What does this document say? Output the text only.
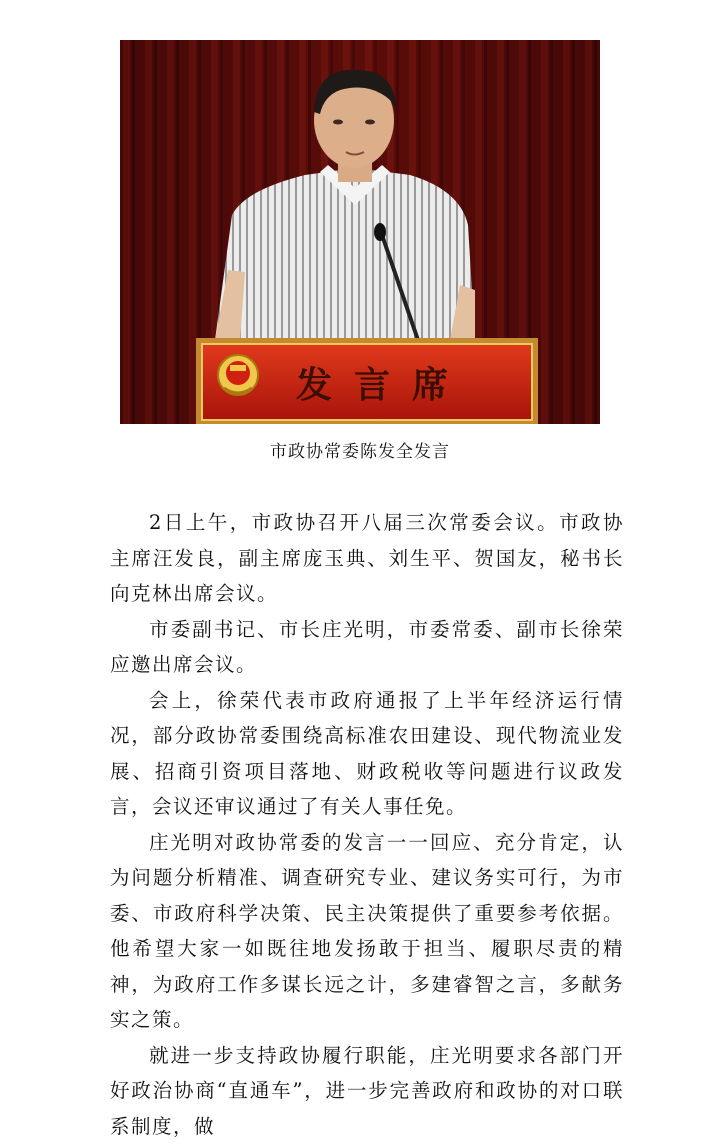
发言席
市政协常委陈发全发言

2日上午，市政协召开八届三次常委会议。市政协主席汪发良，副主席庞玉典、刘生平、贺国友，秘书长向克林出席会议。

市委副书记、市长庄光明，市委常委、副市长徐荣应邀出席会议。

会上，徐荣代表市政府通报了上半年经济运行情况，部分政协常委围绕高标准农田建设、现代物流业发展、招商引资项目落地、财政税收等问题进行议政发言，会议还审议通过了有关人事任免。

庄光明对政协常委的发言一一回应、充分肯定，认为问题分析精准、调查研究专业、建议务实可行，为市委、市政府科学决策、民主决策提供了重要参考依据。他希望大家一如既往地发扬敢于担当、履职尽责的精神，为政府工作多谋长远之计，多建睿智之言，多献务实之策。

就进一步支持政协履行职能，庄光明要求各部门开好政治协商“直通车”，进一步完善政府和政协的对口联系制度，做
